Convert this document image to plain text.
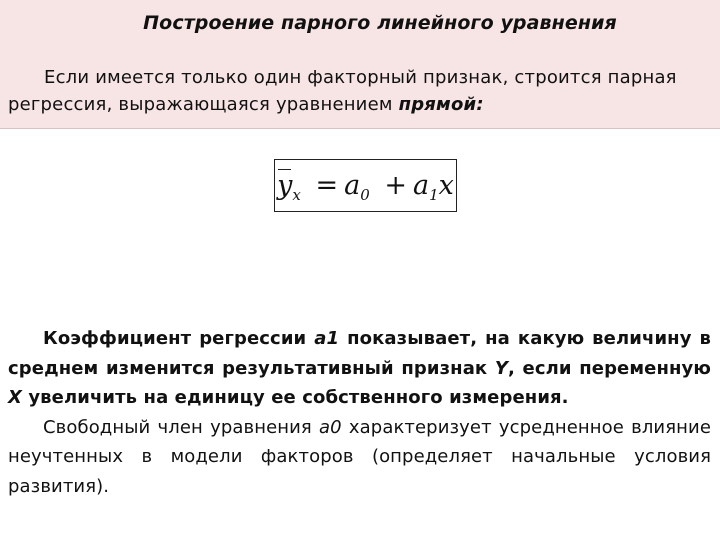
Построение парного линейного уравнения
Если имеется только один факторный признак, строится парная регрессия, выражающаяся уравнением прямой:
$y_x = a_0 + a_1x$

Коэффициент регрессии а1 показывает, на какую величину в среднем изменится результативный признак Y, если переменную X увеличить на единицу ее собственного измерения.

Свободный член уравнения а0 характеризует усредненное влияние неучтенных в модели факторов (определяет начальные условия развития).
